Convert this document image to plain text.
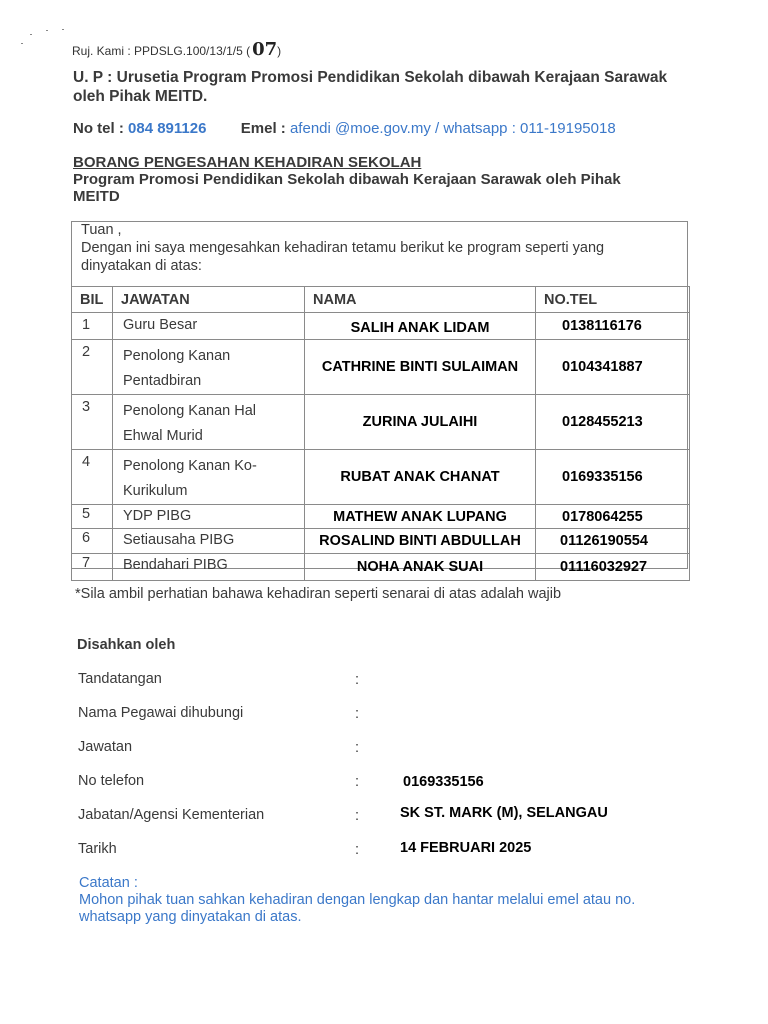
Ruj. Kami : PPDSLG.100/13/1/5 ( 07)
U. P : Urusetia Program Promosi Pendidikan Sekolah dibawah Kerajaan Sarawak
oleh Pihak MEITD.
No tel : 084 891126 Emel : afendi @moe.gov.my / whatsapp : 011-19195018
BORANG PENGESAHAN KEHADIRAN SEKOLAH
Program Promosi Pendidikan Sekolah dibawah Kerajaan Sarawak oleh Pihak
MEITD
Tuan ,
Dengan ini saya mengesahkan kehadiran tetamu berikut ke program seperti yang
dinyatakan di atas:
BIL	JAWATAN	NAMA	NO.TEL
1	Guru Besar	SALIH ANAK LIDAM	0138116176
2	Penolong Kanan
Pentadbiran	CATHRINE BINTI SULAIMAN	0104341887
3	Penolong Kanan Hal
Ehwal Murid	ZURINA JULAIHI	0128455213
4	Penolong Kanan Ko-
Kurikulum	RUBAT ANAK CHANAT	0169335156
5	YDP PIBG	MATHEW ANAK LUPANG	0178064255
6	Setiausaha PIBG	ROSALIND BINTI ABDULLAH	01126190554
7	Bendahari PIBG	NOHA ANAK SUAI	01116032927
*Sila ambil perhatian bahawa kehadiran seperti senarai di atas adalah wajib
Disahkan oleh
Tandatangan	:
Nama Pegawai dihubungi	:
Jawatan	:
No telefon	:	0169335156
Jabatan/Agensi Kementerian	:	SK ST. MARK (M), SELANGAU
Tarikh	:	14 FEBRUARI 2025
Catatan :
Mohon pihak tuan sahkan kehadiran dengan lengkap dan hantar melalui emel atau no.
whatsapp yang dinyatakan di atas.
